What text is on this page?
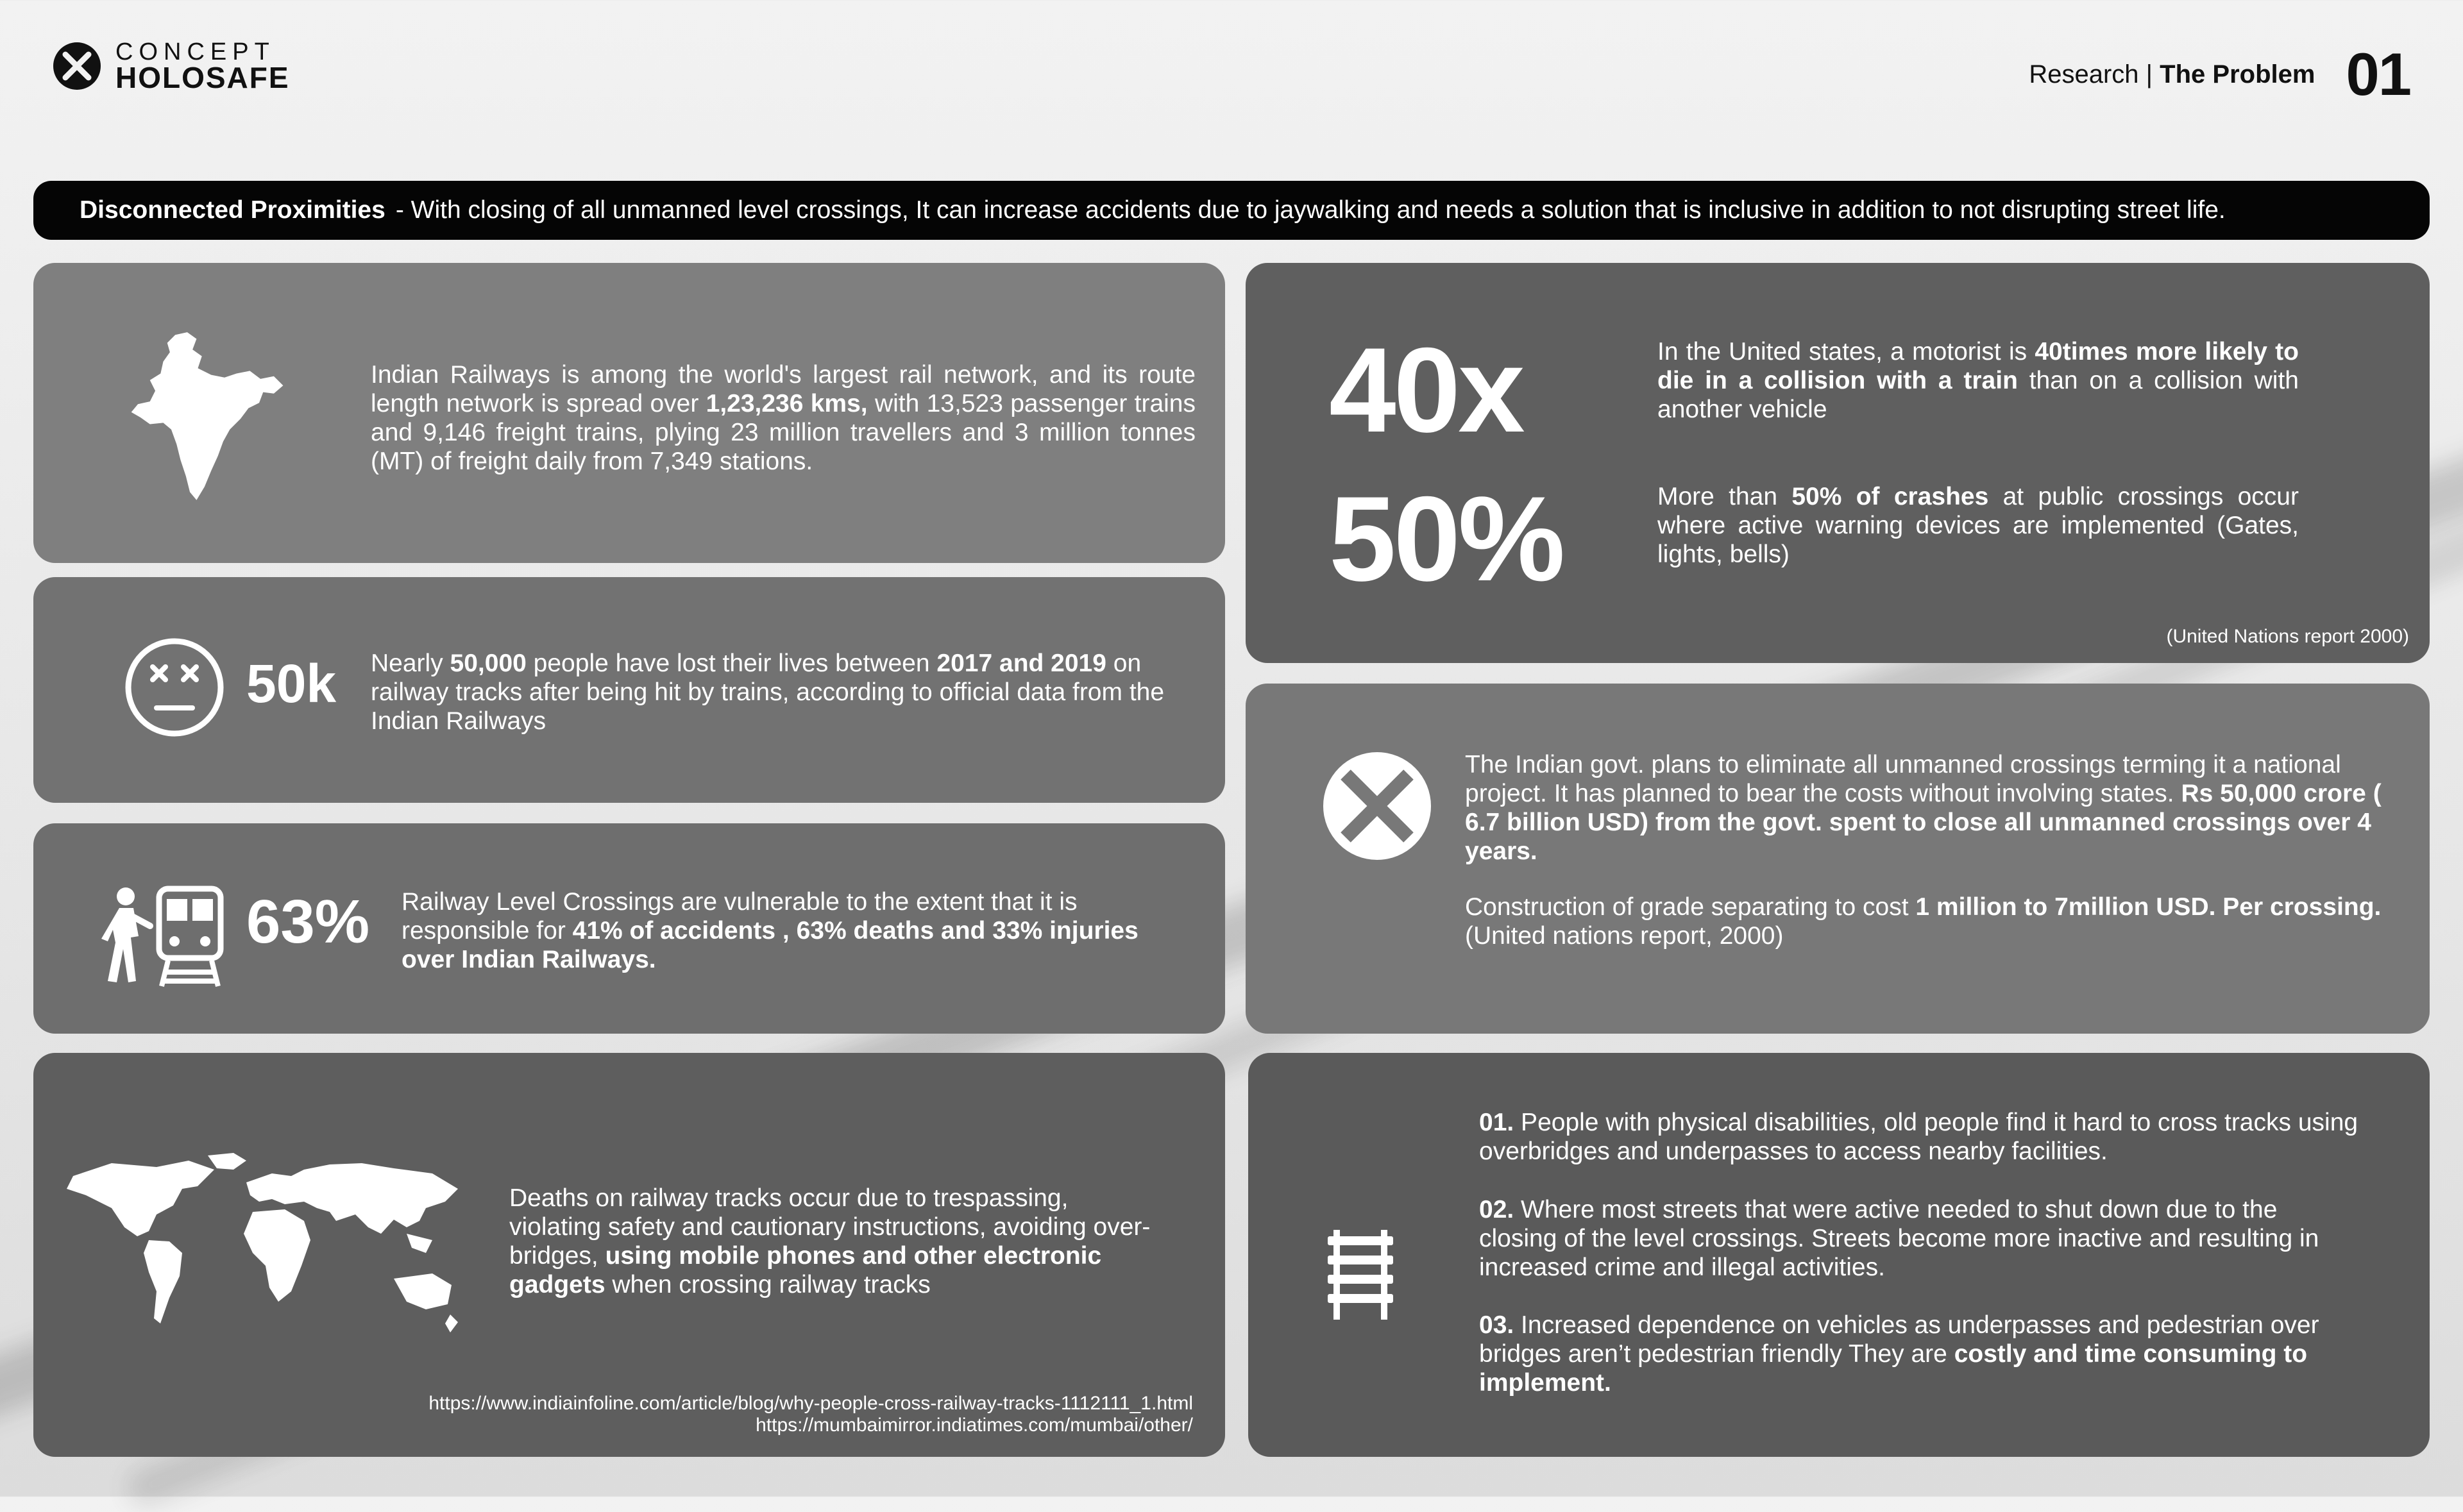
CONCEPT
HOLOSAFE	Research | The Problem 01
Disconnected Proximities - With closing of all unmanned level crossings, It can increase accidents due to jaywalking and needs a solution that is inclusive in addition to not disrupting street life.
Indian Railways is among the world's largest rail network, and its route length network is spread over 1,23,236 kms, with 13,523 passenger trains and 9,146 freight trains, plying 23 million travellers and 3 million tonnes (MT) of freight daily from 7,349 stations.
50k Nearly 50,000 people have lost their lives between 2017 and 2019 on railway tracks after being hit by trains, according to official data from the Indian Railways
63% Railway Level Crossings are vulnerable to the extent that it is responsible for 41% of accidents , 63% deaths and 33% injuries over Indian Railways.
Deaths on railway tracks occur due to trespassing, violating safety and cautionary instructions, avoiding over-bridges, using mobile phones and other electronic gadgets when crossing railway tracks
https://www.indiainfoline.com/article/blog/why-people-cross-railway-tracks-1112111_1.html
https://mumbaimirror.indiatimes.com/mumbai/other/
40x	In the United states, a motorist is 40times more likely to die in a collision with a train than on a collision with another vehicle
50%	More than 50% of crashes at public crossings occur where active warning devices are implemented (Gates, lights, bells)
(United Nations report 2000)
The Indian govt. plans to eliminate all unmanned crossings terming it a national project. It has planned to bear the costs without involving states. Rs 50,000 crore ( 6.7 billion USD) from the govt. spent to close all unmanned crossings over 4 years.
Construction of grade separating to cost 1 million to 7million USD. Per crossing. (United nations report, 2000)
01. People with physical disabilities, old people find it hard to cross tracks using overbridges and underpasses to access nearby facilities.
02. Where most streets that were active needed to shut down due to the closing of the level crossings. Streets become more inactive and resulting in increased crime and illegal activities.
03. Increased dependence on vehicles as underpasses and pedestrian over bridges aren’t pedestrian friendly They are costly and time consuming to implement.
